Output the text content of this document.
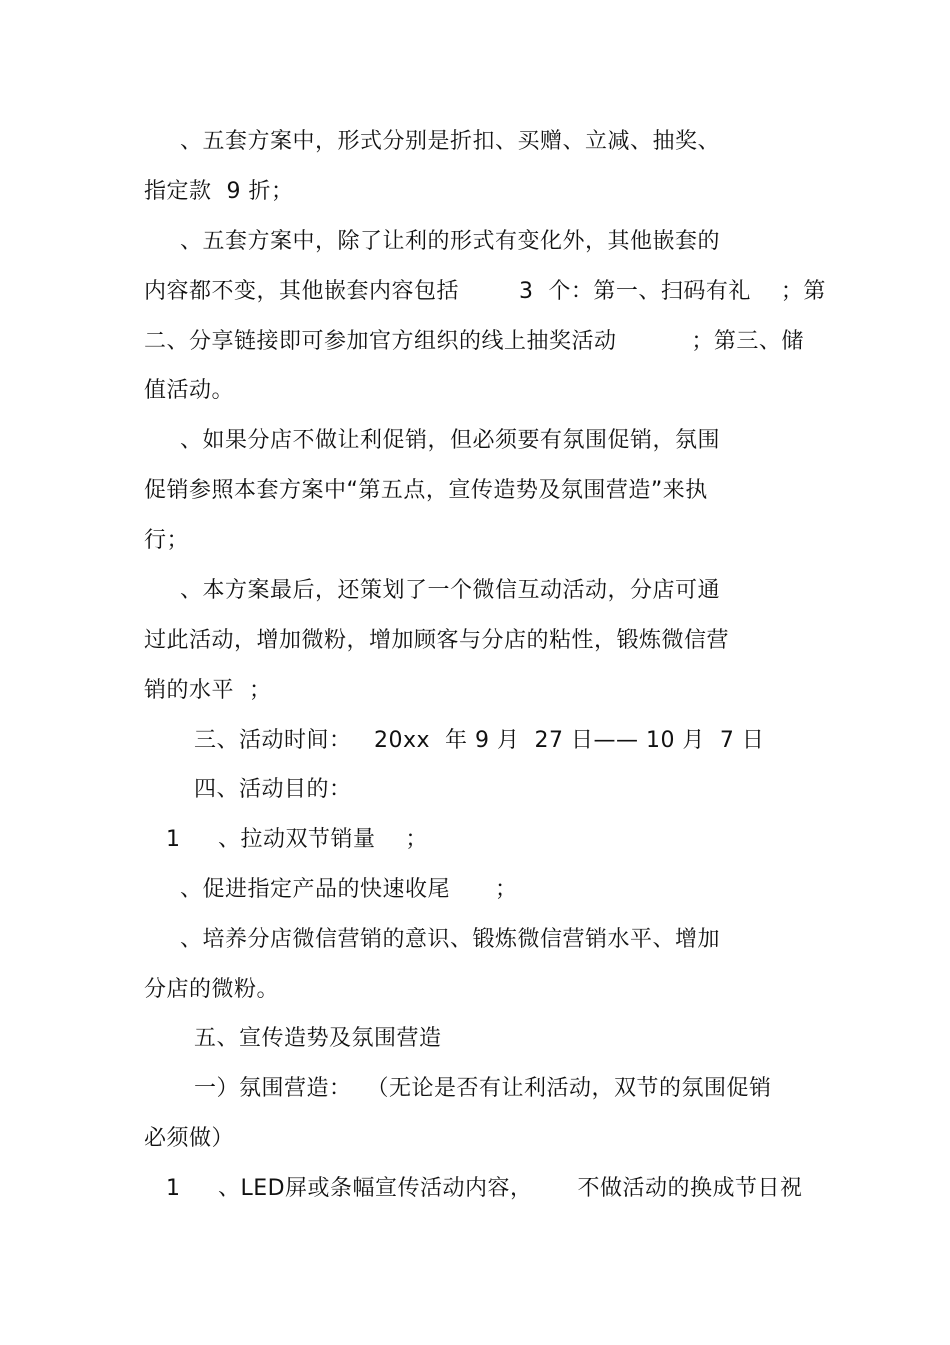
、五套方案中，形式分别是折扣、买赠、立减、抽奖、
指定款  9 折；
、五套方案中，除了让利的形式有变化外，其他嵌套的
内容都不变，其他嵌套内容包括        3  个：第一、扫码有礼    ；第
二、分享链接即可参加官方组织的线上抽奖活动          ；第三、储
值活动。
、如果分店不做让利促销，但必须要有氛围促销，氛围
促销参照本套方案中“第五点，宣传造势及氛围营造”来执
行；
、本方案最后，还策划了一个微信互动活动，分店可通
过此活动，增加微粉，增加顾客与分店的粘性，锻炼微信营
销的水平  ；
三、活动时间：   20xx  年 9 月  27 日—— 10 月  7 日
四、活动目的：
1     、拉动双节销量    ；
、促进指定产品的快速收尾      ；
、培养分店微信营销的意识、锻炼微信营销水平、增加
分店的微粉。
五、宣传造势及氛围营造
一）氛围营造：  （无论是否有让利活动，双节的氛围促销
必须做）
1     、LED屏或条幅宣传活动内容，      不做活动的换成节日祝
